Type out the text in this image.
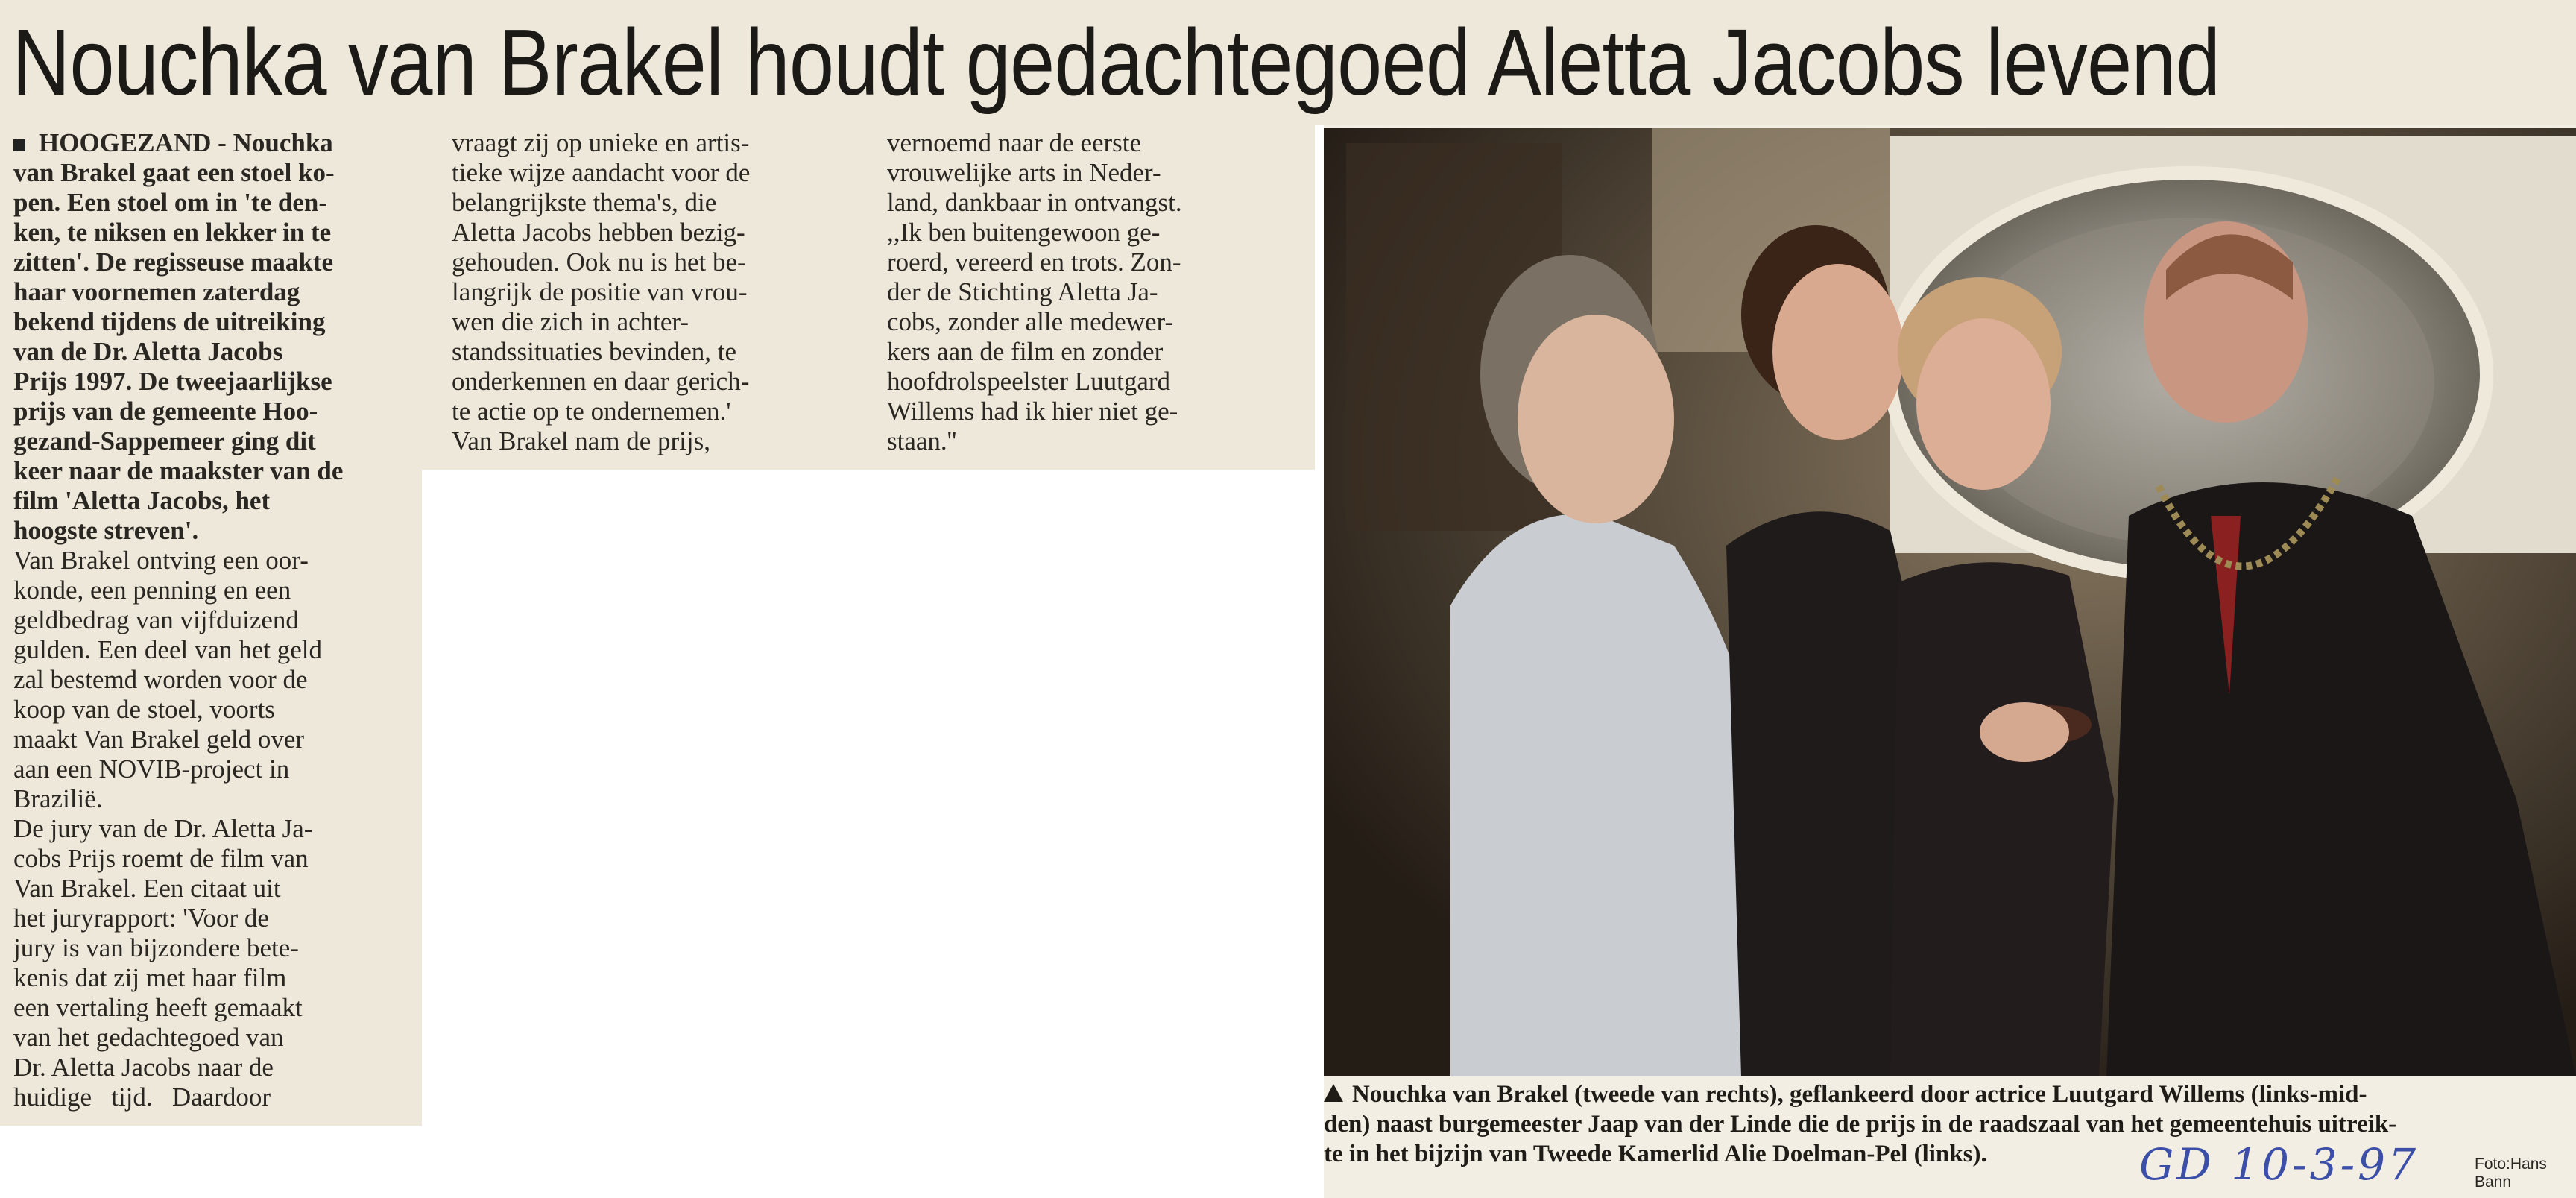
Nouchka van Brakel houdt gedachtegoed Aletta Jacobs levend
HOOGEZAND - Nouchka
van Brakel gaat een stoel ko-
pen. Een stoel om in 'te den-
ken, te niksen en lekker in te
zitten'. De regisseuse maakte
haar voornemen zaterdag
bekend tijdens de uitreiking
van de Dr. Aletta Jacobs
Prijs 1997. De tweejaarlijkse
prijs van de gemeente Hoo-
gezand-Sappemeer ging dit
keer naar de maakster van de
film 'Aletta Jacobs, het
hoogste streven'.
Van Brakel ontving een oor-
konde, een penning en een
geldbedrag van vijfduizend
gulden. Een deel van het geld
zal bestemd worden voor de
koop van de stoel, voorts
maakt Van Brakel geld over
aan een NOVIB-project in
Brazilië.
De jury van de Dr. Aletta Ja-
cobs Prijs roemt de film van
Van Brakel. Een citaat uit
het juryrapport: 'Voor de
jury is van bijzondere bete-
kenis dat zij met haar film
een vertaling heeft gemaakt
van het gedachtegoed van
Dr. Aletta Jacobs naar de
huidige   tijd.   Daardoor
vraagt zij op unieke en artis-
tieke wijze aandacht voor de
belangrijkste thema's, die
Aletta Jacobs hebben bezig-
gehouden. Ook nu is het be-
langrijk de positie van vrou-
wen die zich in achter-
standssituaties bevinden, te
onderkennen en daar gerich-
te actie op te ondernemen.'
Van Brakel nam de prijs,
vernoemd naar de eerste
vrouwelijke arts in Neder-
land, dankbaar in ontvangst.
,,Ik ben buitengewoon ge-
roerd, vereerd en trots. Zon-
der de Stichting Aletta Ja-
cobs, zonder alle medewer-
kers aan de film en zonder
hoofdrolspeelster Luutgard
Willems had ik hier niet ge-
staan.''
Nouchka van Brakel (tweede van rechts), geflankeerd door actrice Luutgard Willems (links-mid-
den) naast burgemeester Jaap van der Linde die de prijs in de raadszaal van het gemeentehuis uitreik-
te in het bijzijn van Tweede Kamerlid Alie Doelman-Pel (links).	Foto:Hans Bann
GD 10-3-97
